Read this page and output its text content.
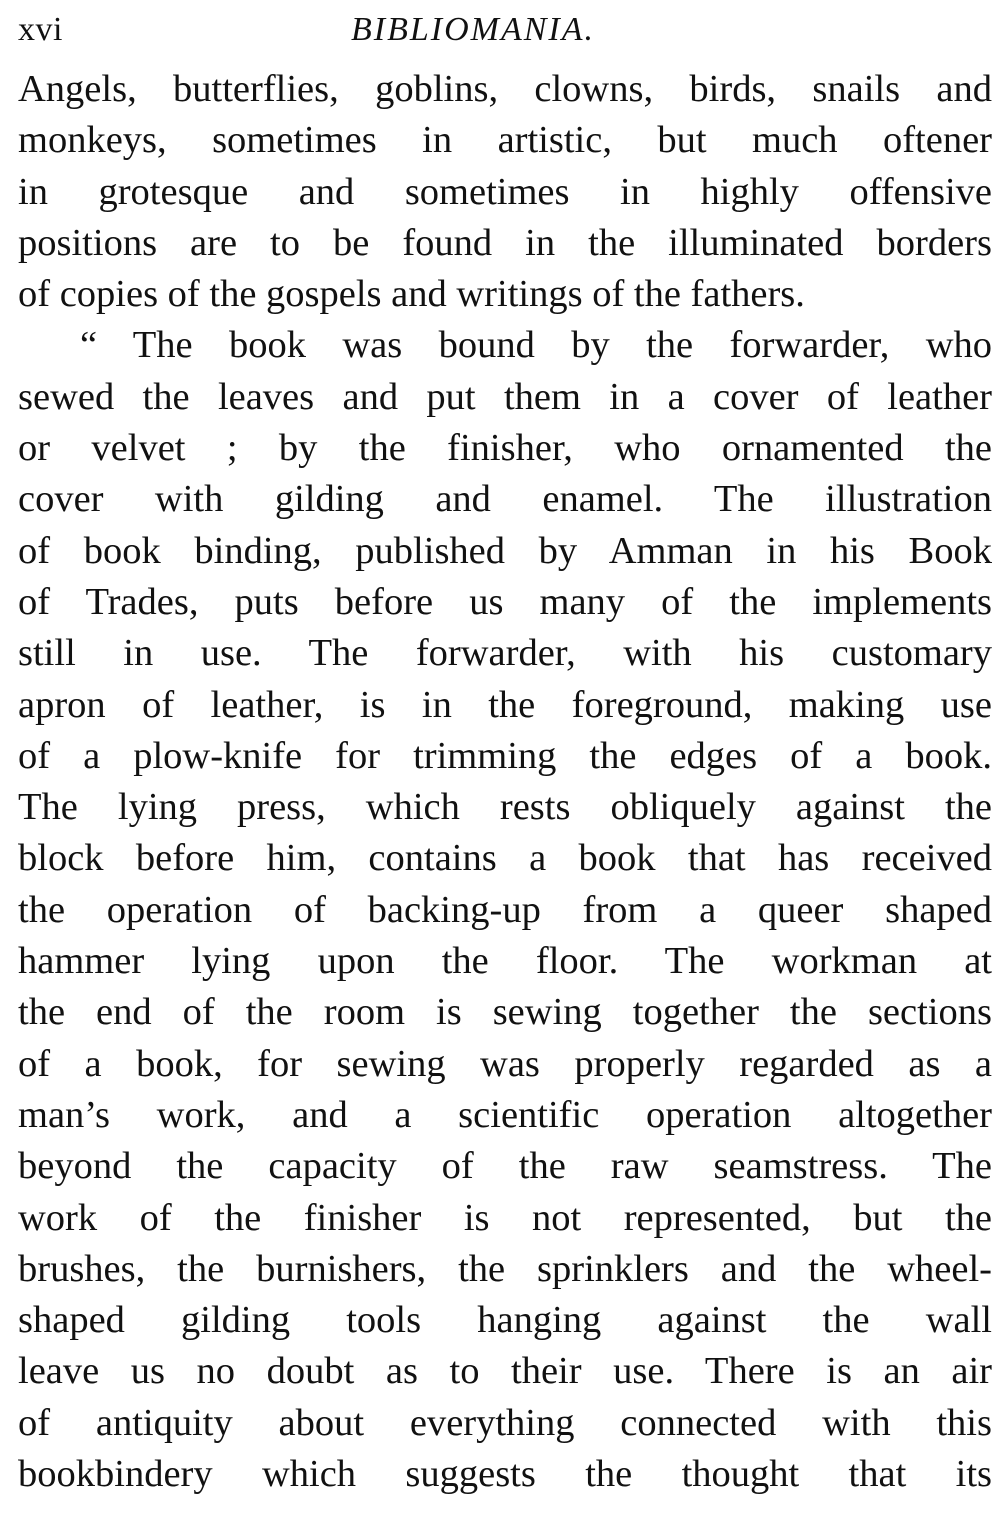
xvi	BIBLIOMANIA.
Angels, butterflies, goblins, clowns, birds, snails and
monkeys, sometimes in artistic, but much oftener
in grotesque and sometimes in highly offensive
positions are to be found in the illuminated borders
of copies of the gospels and writings of the fathers.
“ The book was bound by the forwarder, who
sewed the leaves and put them in a cover of leather
or velvet ; by the finisher, who ornamented the
cover with gilding and enamel. The illustration
of book binding, published by Amman in his Book
of Trades, puts before us many of the implements
still in use. The forwarder, with his customary
apron of leather, is in the foreground, making use
of a plow-knife for trimming the edges of a book.
The lying press, which rests obliquely against the
block before him, contains a book that has received
the operation of backing-up from a queer shaped
hammer lying upon the floor. The workman at
the end of the room is sewing together the sections
of a book, for sewing was properly regarded as a
man’s work, and a scientific operation altogether
beyond the capacity of the raw seamstress. The
work of the finisher is not represented, but the
brushes, the burnishers, the sprinklers and the wheel-
shaped gilding tools hanging against the wall
leave us no doubt as to their use. There is an air
of antiquity about everything connected with this
bookbindery which suggests the thought that its
